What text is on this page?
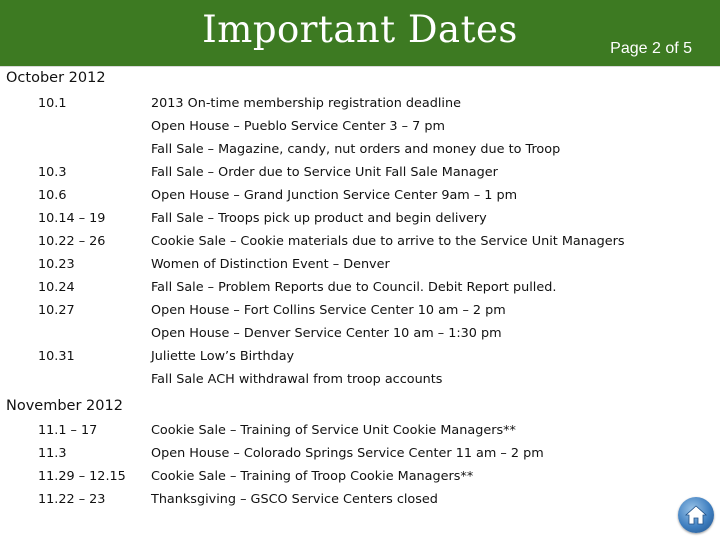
Important Dates	Page 2 of 5
October 2012
10.1	2013 On-time membership registration deadline
Open House – Pueblo Service Center 3 – 7 pm
Fall Sale – Magazine, candy, nut orders and money due to Troop
10.3	Fall Sale – Order due to Service Unit Fall Sale Manager
10.6	Open House – Grand Junction Service Center 9am – 1 pm
10.14 – 19	Fall Sale – Troops pick up product and begin delivery
10.22 – 26	Cookie Sale – Cookie materials due to arrive to the Service Unit Managers
10.23	Women of Distinction Event – Denver
10.24	Fall Sale – Problem Reports due to Council. Debit Report pulled.
10.27	Open House – Fort Collins Service Center 10 am – 2 pm
Open House – Denver Service Center 10 am – 1:30 pm
10.31	Juliette Low’s Birthday
Fall Sale ACH withdrawal from troop accounts
November 2012
11.1 – 17	Cookie Sale – Training of Service Unit Cookie Managers**
11.3	Open House – Colorado Springs Service Center 11 am – 2 pm
11.29 – 12.15 Cookie Sale – Training of Troop Cookie Managers**
11.22 – 23	Thanksgiving – GSCO Service Centers closed
